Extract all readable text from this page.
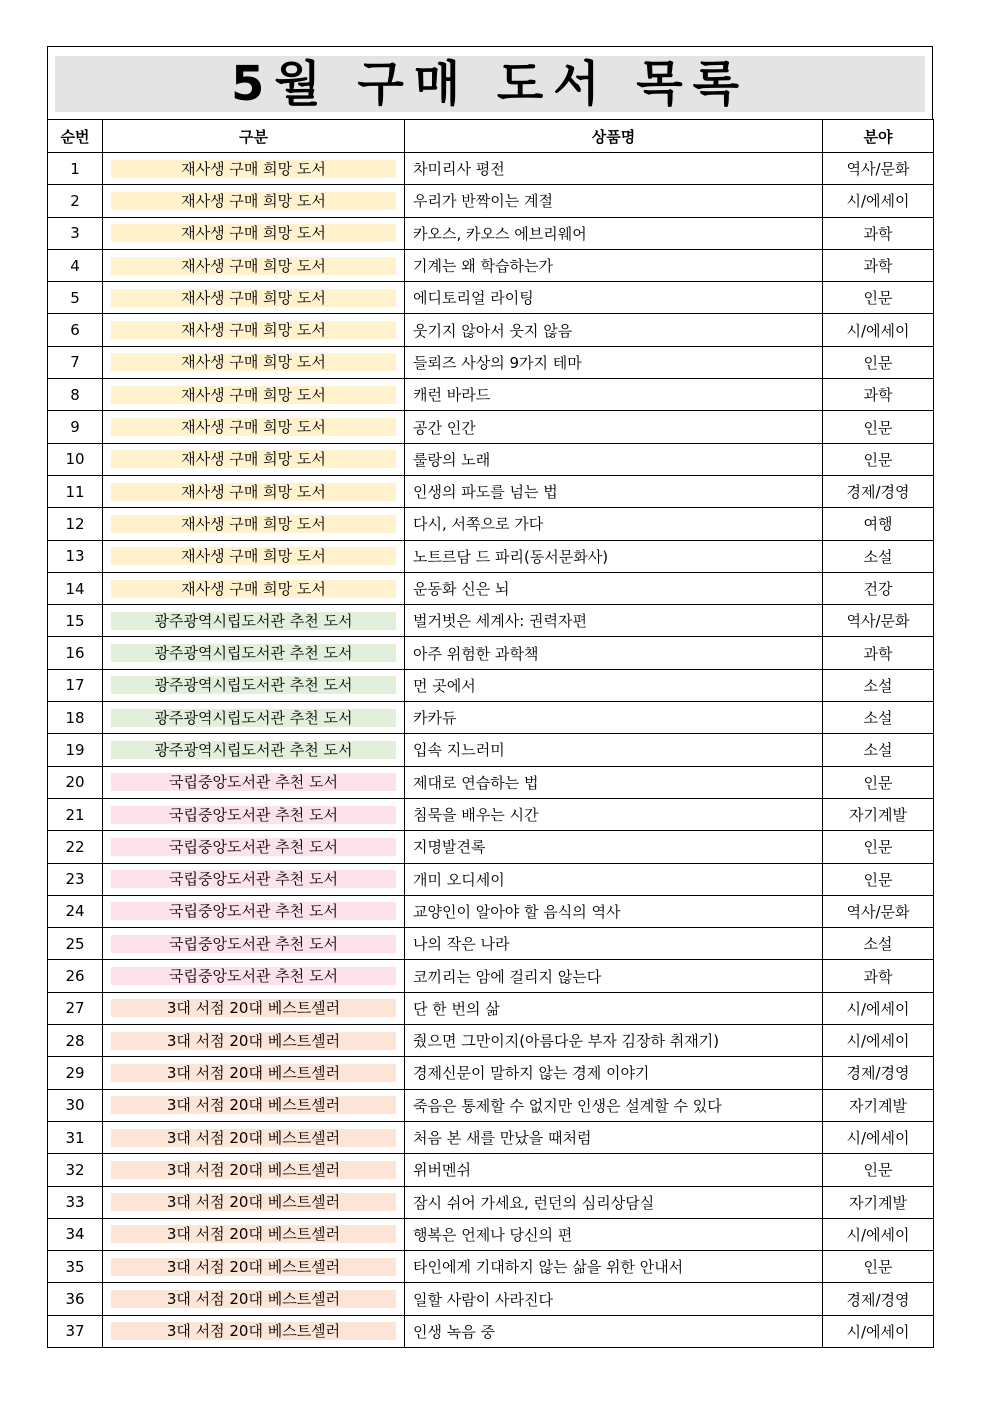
5월 구매 도서 목록
순번	구분	상품명	분야
1	재사생 구매 희망 도서	차미리사 평전	역사/문화
2	재사생 구매 희망 도서	우리가 반짝이는 계절	시/에세이
3	재사생 구매 희망 도서	카오스, 카오스 에브리웨어	과학
4	재사생 구매 희망 도서	기계는 왜 학습하는가	과학
5	재사생 구매 희망 도서	에디토리얼 라이팅	인문
6	재사생 구매 희망 도서	웃기지 않아서 웃지 않음	시/에세이
7	재사생 구매 희망 도서	들뢰즈 사상의 9가지 테마	인문
8	재사생 구매 희망 도서	캐런 바라드	과학
9	재사생 구매 희망 도서	공간 인간	인문
10	재사생 구매 희망 도서	룰랑의 노래	인문
11	재사생 구매 희망 도서	인생의 파도를 넘는 법	경제/경영
12	재사생 구매 희망 도서	다시, 서쪽으로 가다	여행
13	재사생 구매 희망 도서	노트르담 드 파리(동서문화사)	소설
14	재사생 구매 희망 도서	운동화 신은 뇌	건강
15	광주광역시립도서관 추천 도서	벌거벗은 세계사: 권력자편	역사/문화
16	광주광역시립도서관 추천 도서	아주 위험한 과학책	과학
17	광주광역시립도서관 추천 도서	먼 곳에서	소설
18	광주광역시립도서관 추천 도서	카카듀	소설
19	광주광역시립도서관 추천 도서	입속 지느러미	소설
20	국립중앙도서관 추천 도서	제대로 연습하는 법	인문
21	국립중앙도서관 추천 도서	침묵을 배우는 시간	자기계발
22	국립중앙도서관 추천 도서	지명발견록	인문
23	국립중앙도서관 추천 도서	개미 오디세이	인문
24	국립중앙도서관 추천 도서	교양인이 알아야 할 음식의 역사	역사/문화
25	국립중앙도서관 추천 도서	나의 작은 나라	소설
26	국립중앙도서관 추천 도서	코끼리는 암에 걸리지 않는다	과학
27	3대 서점 20대 베스트셀러	단 한 번의 삶	시/에세이
28	3대 서점 20대 베스트셀러	줬으면 그만이지(아름다운 부자 김장하 취재기)	시/에세이
29	3대 서점 20대 베스트셀러	경제신문이 말하지 않는 경제 이야기	경제/경영
30	3대 서점 20대 베스트셀러	죽음은 통제할 수 없지만 인생은 설계할 수 있다	자기계발
31	3대 서점 20대 베스트셀러	처음 본 새를 만났을 때처럼	시/에세이
32	3대 서점 20대 베스트셀러	위버멘쉬	인문
33	3대 서점 20대 베스트셀러	잠시 쉬어 가세요, 런던의 심리상담실	자기계발
34	3대 서점 20대 베스트셀러	행복은 언제나 당신의 편	시/에세이
35	3대 서점 20대 베스트셀러	타인에게 기대하지 않는 삶을 위한 안내서	인문
36	3대 서점 20대 베스트셀러	일할 사람이 사라진다	경제/경영
37	3대 서점 20대 베스트셀러	인생 녹음 중	시/에세이
